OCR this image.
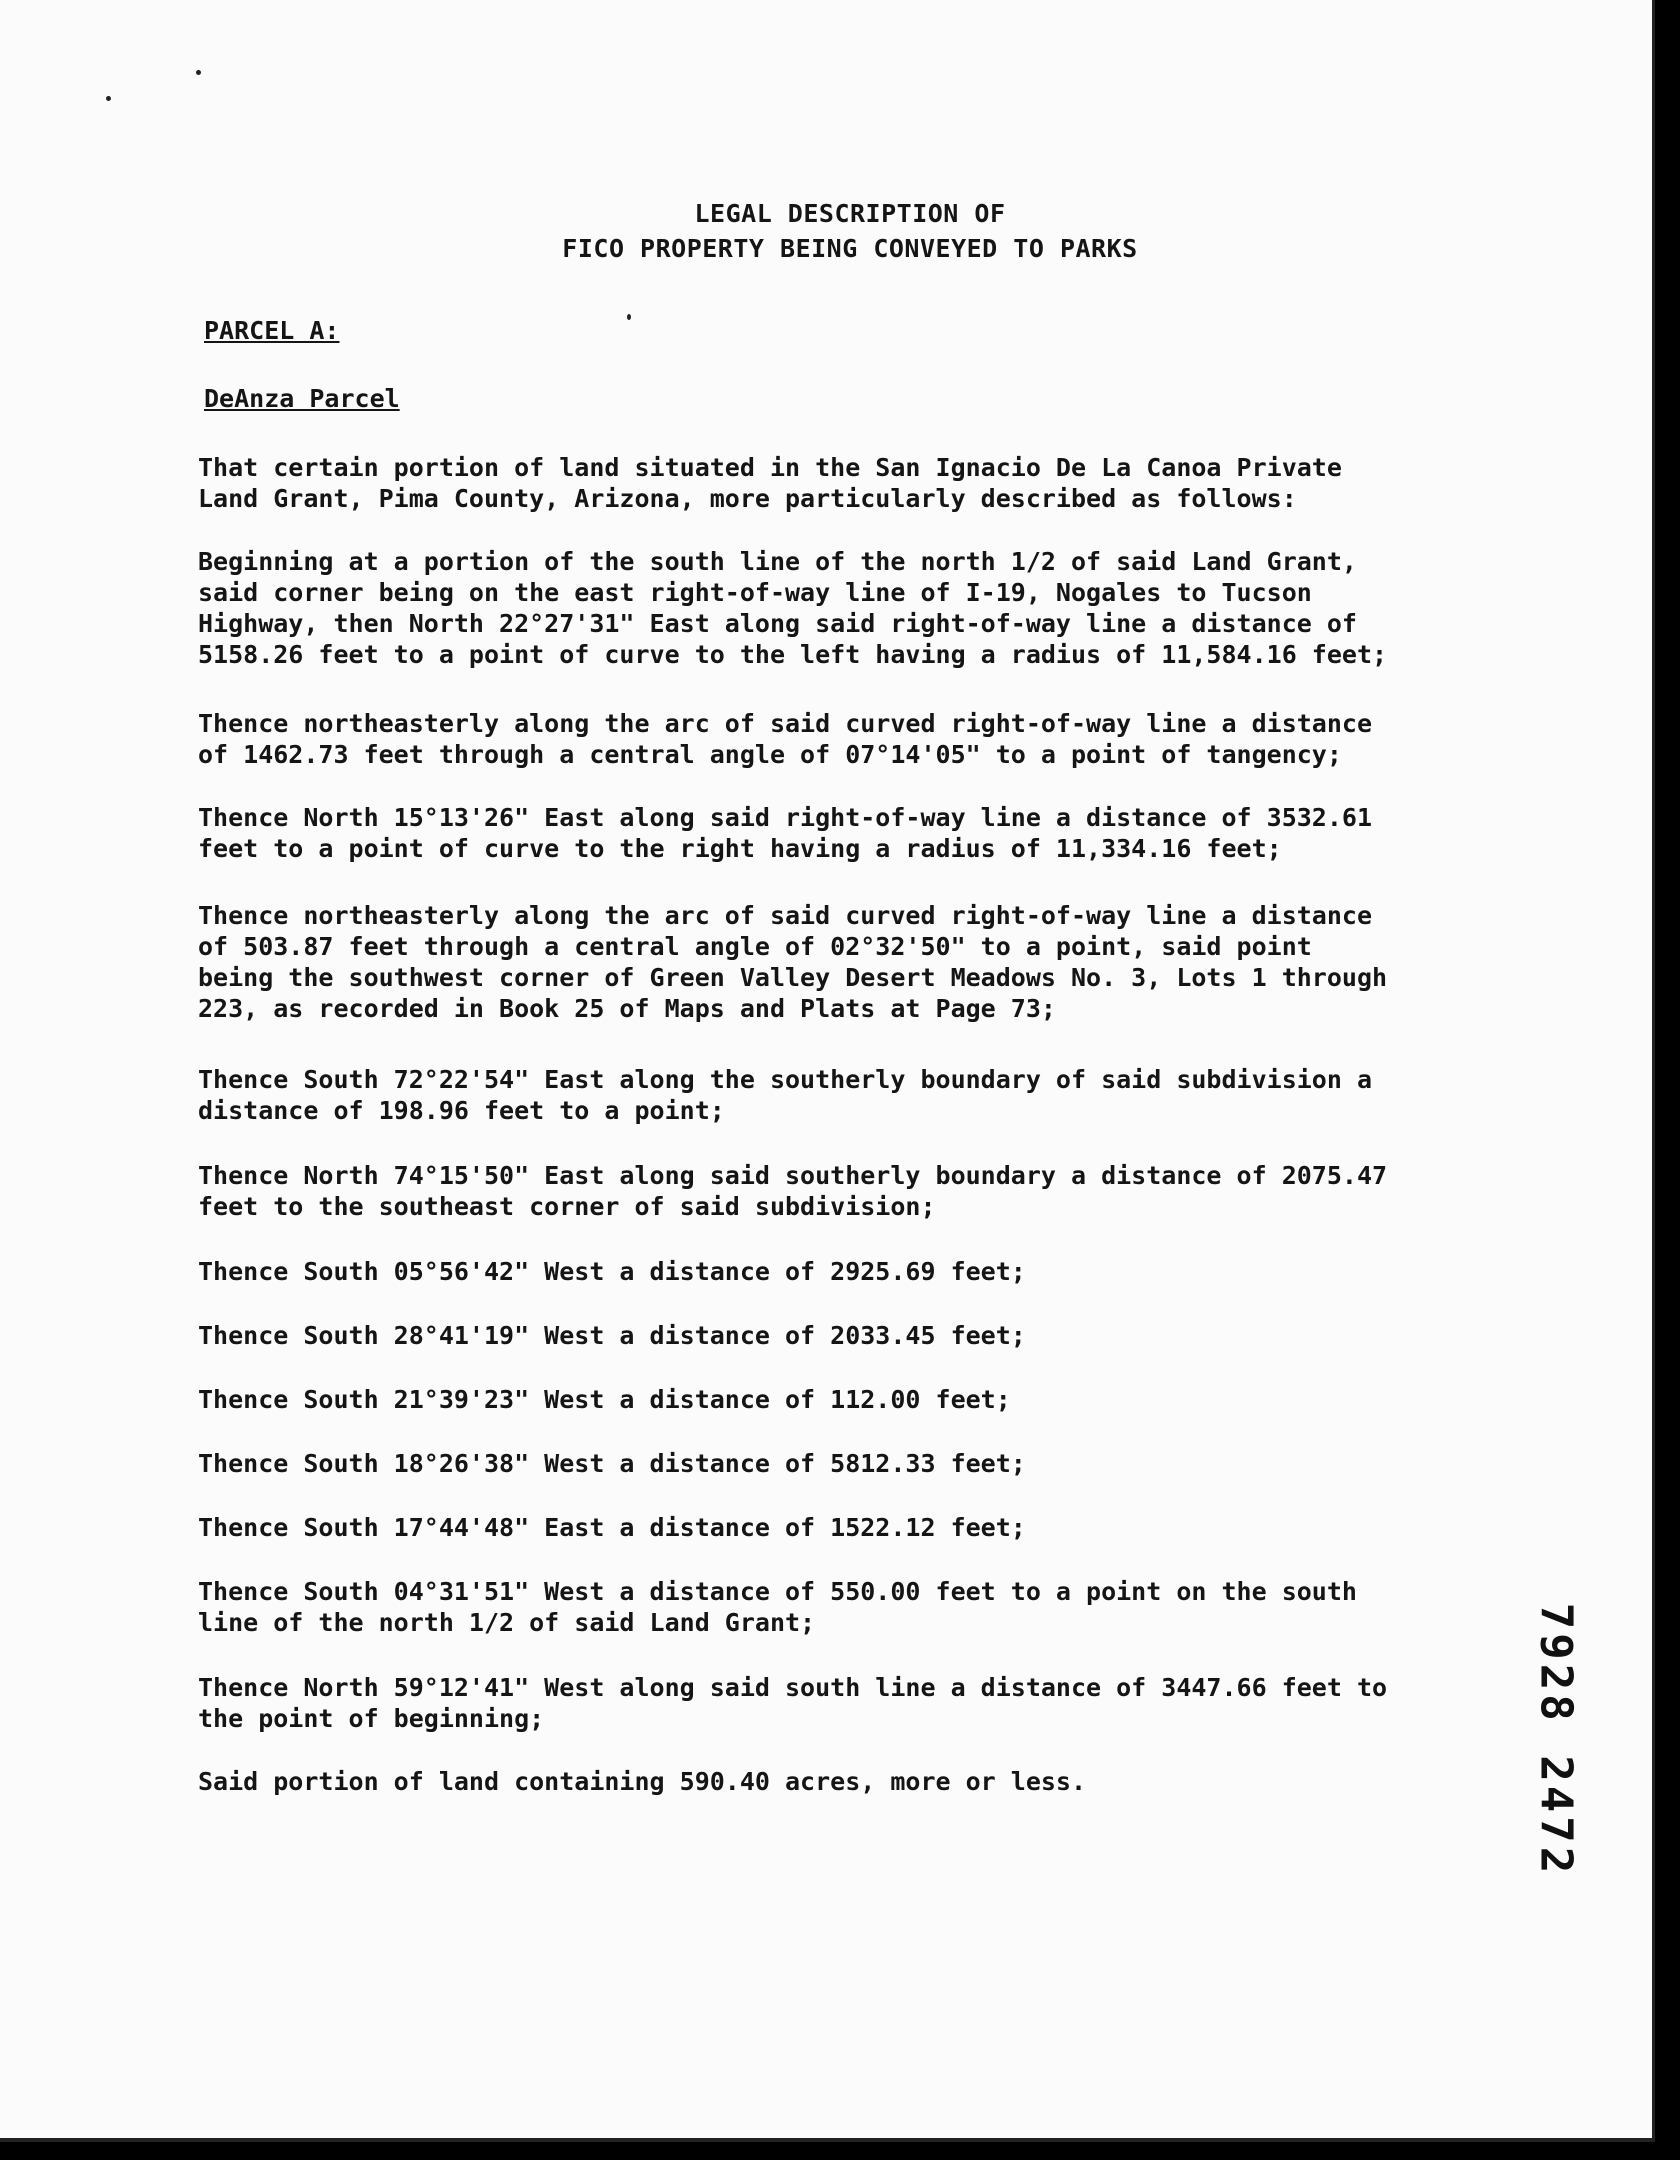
LEGAL DESCRIPTION OF
FICO PROPERTY BEING CONVEYED TO PARKS
PARCEL A:
DeAnza Parcel
That certain portion of land situated in the San Ignacio De La Canoa Private
Land Grant, Pima County, Arizona, more particularly described as follows:
Beginning at a portion of the south line of the north 1/2 of said Land Grant,
said corner being on the east right-of-way line of I-19, Nogales to Tucson
Highway, then North 22°27'31" East along said right-of-way line a distance of
5158.26 feet to a point of curve to the left having a radius of 11,584.16 feet;
Thence northeasterly along the arc of said curved right-of-way line a distance
of 1462.73 feet through a central angle of 07°14'05" to a point of tangency;
Thence North 15°13'26" East along said right-of-way line a distance of 3532.61
feet to a point of curve to the right having a radius of 11,334.16 feet;
Thence northeasterly along the arc of said curved right-of-way line a distance
of 503.87 feet through a central angle of 02°32'50" to a point, said point
being the southwest corner of Green Valley Desert Meadows No. 3, Lots 1 through
223, as recorded in Book 25 of Maps and Plats at Page 73;
Thence South 72°22'54" East along the southerly boundary of said subdivision a
distance of 198.96 feet to a point;
Thence North 74°15'50" East along said southerly boundary a distance of 2075.47
feet to the southeast corner of said subdivision;
Thence South 05°56'42" West a distance of 2925.69 feet;
Thence South 28°41'19" West a distance of 2033.45 feet;
Thence South 21°39'23" West a distance of 112.00 feet;
Thence South 18°26'38" West a distance of 5812.33 feet;
Thence South 17°44'48" East a distance of 1522.12 feet;
Thence South 04°31'51" West a distance of 550.00 feet to a point on the south
line of the north 1/2 of said Land Grant;
Thence North 59°12'41" West along said south line a distance of 3447.66 feet to
the point of beginning;
Said portion of land containing 590.40 acres, more or less.	7928 2472
